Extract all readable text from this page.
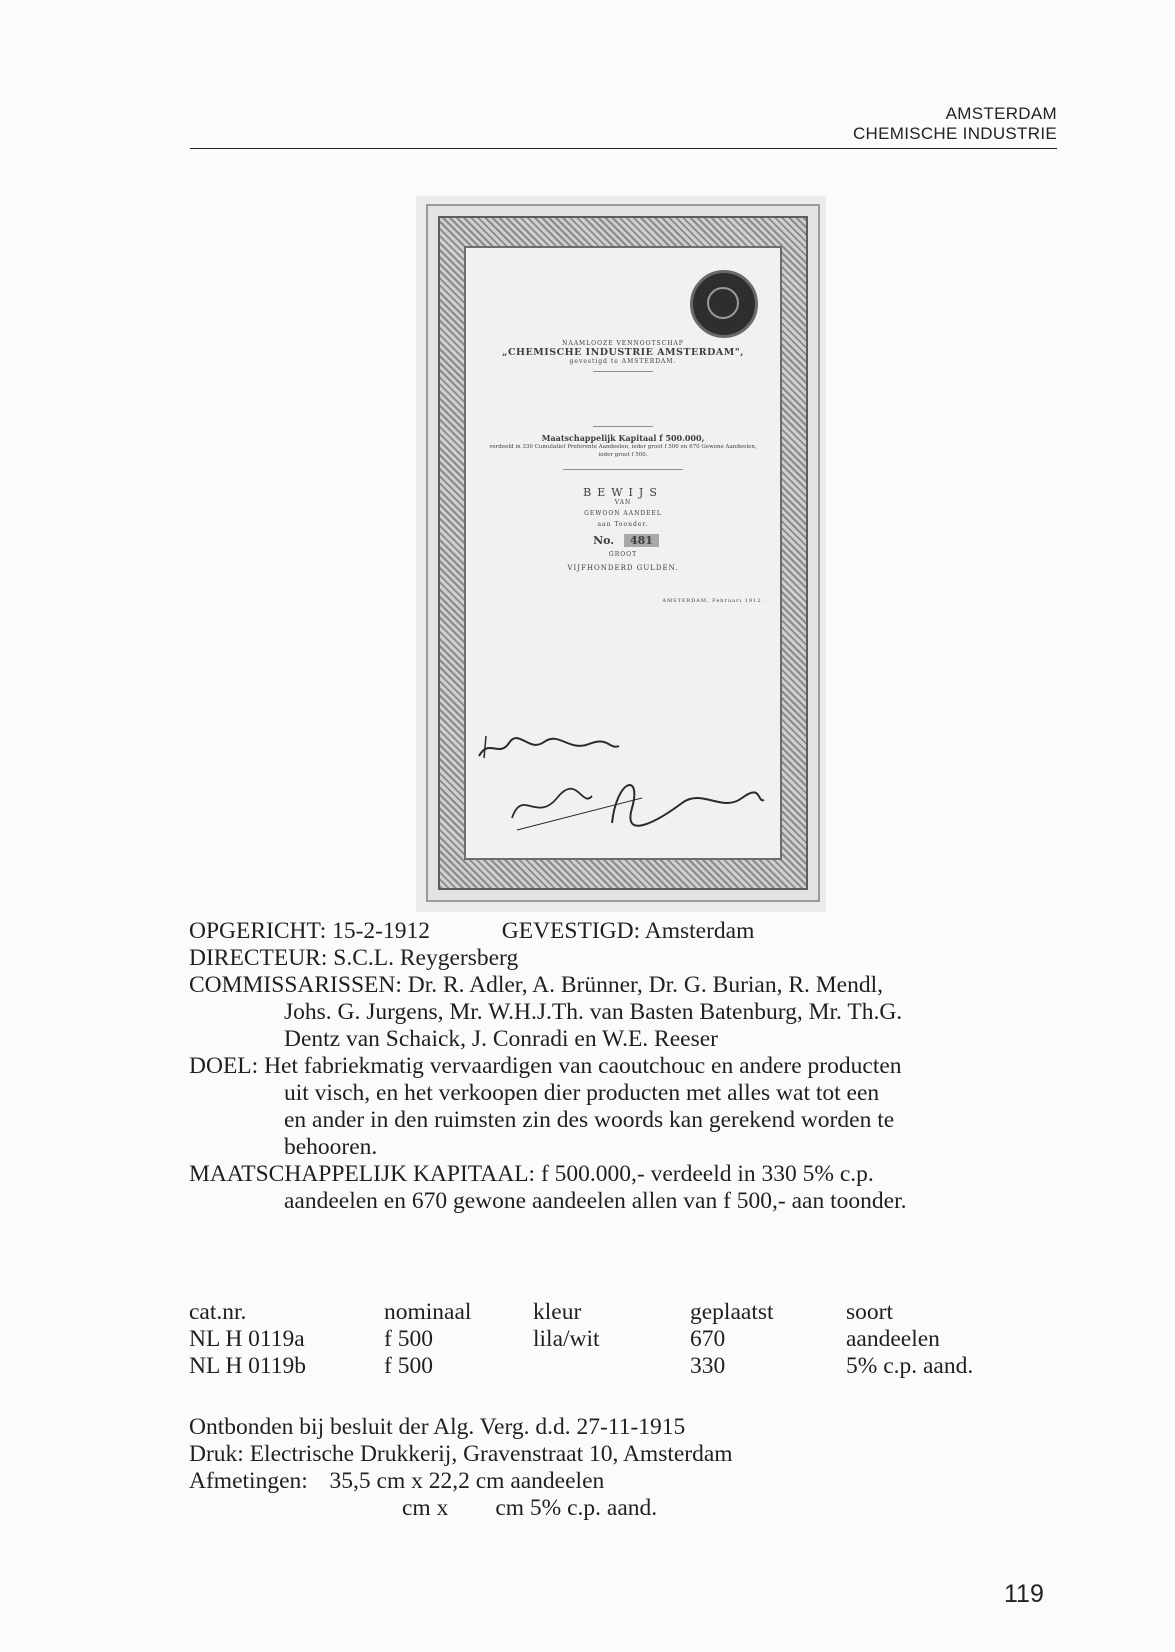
AMSTERDAM
CHEMISCHE INDUSTRIE
NAAMLOOZE VENNOOTSCHAP
„CHEMISCHE INDUSTRIE AMSTERDAM",
gevestigd te AMSTERDAM.
Maatschappelijk Kapitaal f 500.000,
verdeeld in 330 Cumulatief Preferente Aandeelen, ieder groot f 500 en 670 Gewone Aandeelen, ieder groot f 500.
BEWIJS
VAN
GEWOON AANDEEL
aan Toonder.
No. 481
GROOT
VIJFHONDERD GULDEN.
AMSTERDAM, Februari 1912.
OPGERICHT: 15-2-1912	GEVESTIGD: Amsterdam
DIRECTEUR: S.C.L. Reygersberg
COMMISSARISSEN: Dr. R. Adler, A. Brünner, Dr. G. Burian, R. Mendl,
Johs. G. Jurgens, Mr. W.H.J.Th. van Basten Batenburg, Mr. Th.G.
Dentz van Schaick, J. Conradi en W.E. Reeser
DOEL: Het fabriekmatig vervaardigen van caoutchouc en andere producten
uit visch, en het verkoopen dier producten met alles wat tot een
en ander in den ruimsten zin des woords kan gerekend worden te
behooren.
MAATSCHAPPELIJK KAPITAAL: f 500.000,- verdeeld in 330 5% c.p.
aandeelen en 670 gewone aandeelen allen van f 500,- aan toonder.
cat.nr.	nominaal	kleur	geplaatst	soort
NL H 0119a	f 500	lila/wit	670	aandeelen
NL H 0119b	f 500		330	5% c.p. aand.
Ontbonden bij besluit der Alg. Verg. d.d. 27-11-1915
Druk: Electrische Drukkerij, Gravenstraat 10, Amsterdam
Afmetingen: 35,5 cm x 22,2 cm aandeelen
cm x        cm 5% c.p. aand.
119
